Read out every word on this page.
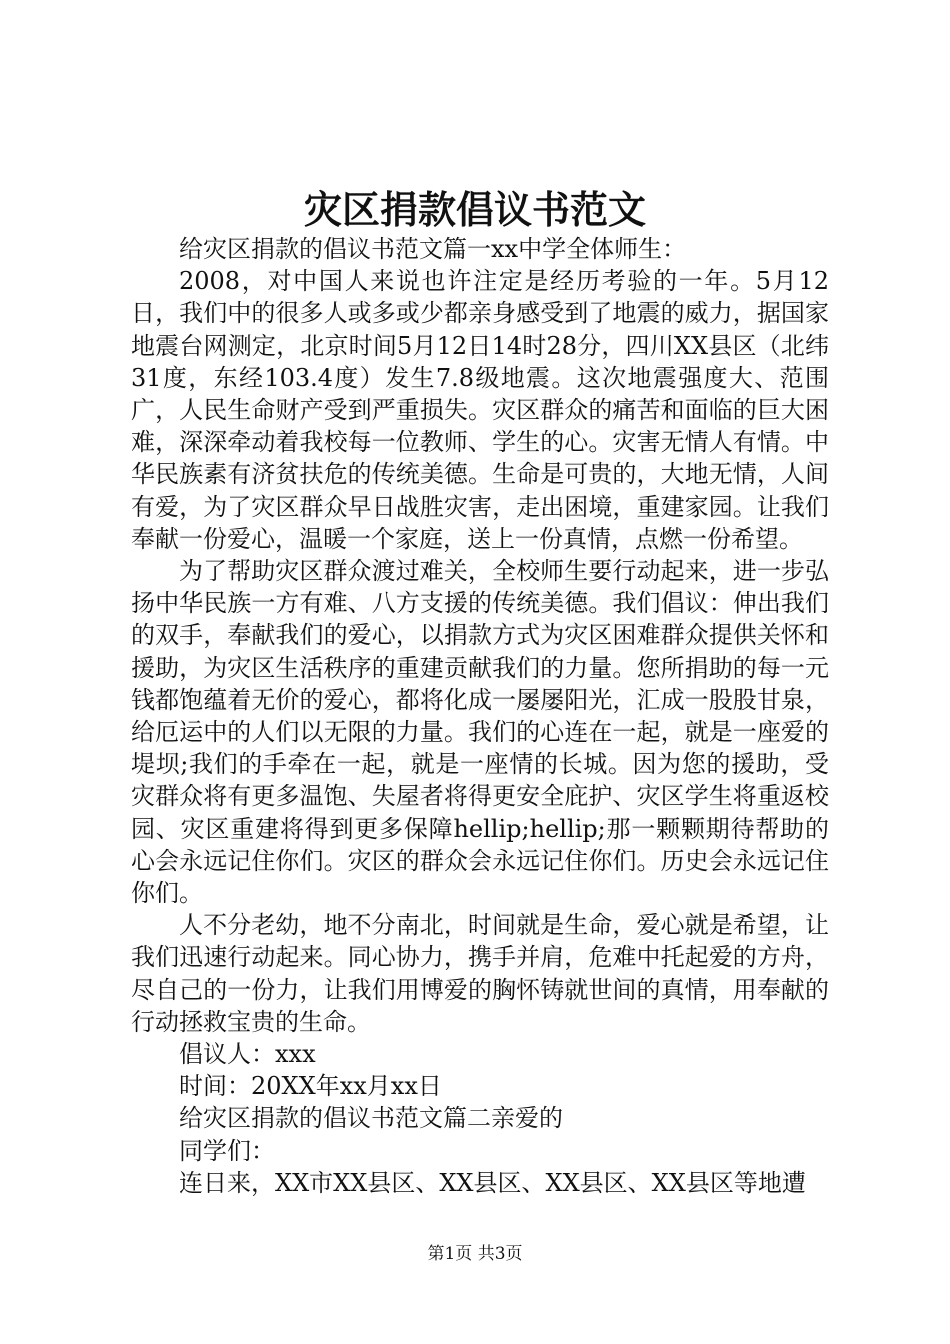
灾区捐款倡议书范文

给灾区捐款的倡议书范文篇一xx中学全体师生：

2008，对中国人来说也许注定是经历考验的一年。5月12日，我们中的很多人或多或少都亲身感受到了地震的威力，据国家地震台网测定，北京时间5月12日14时28分，四川XX县区（北纬31度，东经103.4度）发生7.8级地震。这次地震强度大、范围广，人民生命财产受到严重损失。灾区群众的痛苦和面临的巨大困难，深深牵动着我校每一位教师、学生的心。灾害无情人有情。中华民族素有济贫扶危的传统美德。生命是可贵的，大地无情，人间有爱，为了灾区群众早日战胜灾害，走出困境，重建家园。让我们奉献一份爱心，温暖一个家庭，送上一份真情，点燃一份希望。

为了帮助灾区群众渡过难关，全校师生要行动起来，进一步弘扬中华民族一方有难、八方支援的传统美德。我们倡议：伸出我们的双手，奉献我们的爱心，以捐款方式为灾区困难群众提供关怀和援助，为灾区生活秩序的重建贡献我们的力量。您所捐助的每一元钱都饱蕴着无价的爱心，都将化成一屡屡阳光，汇成一股股甘泉，给厄运中的人们以无限的力量。我们的心连在一起，就是一座爱的堤坝;我们的手牵在一起，就是一座情的长城。因为您的援助，受灾群众将有更多温饱、失屋者将得更安全庇护、灾区学生将重返校园、灾区重建将得到更多保障hellip;hellip;那一颗颗期待帮助的心会永远记住你们。灾区的群众会永远记住你们。历史会永远记住你们。

人不分老幼，地不分南北，时间就是生命，爱心就是希望，让我们迅速行动起来。同心协力，携手并肩，危难中托起爱的方舟，尽自己的一份力，让我们用博爱的胸怀铸就世间的真情，用奉献的行动拯救宝贵的生命。

倡议人：xxx

时间：20XX年xx月xx日

给灾区捐款的倡议书范文篇二亲爱的

同学们：

连日来，XX市XX县区、XX县区、XX县区、XX县区等地遭

第1页 共3页
